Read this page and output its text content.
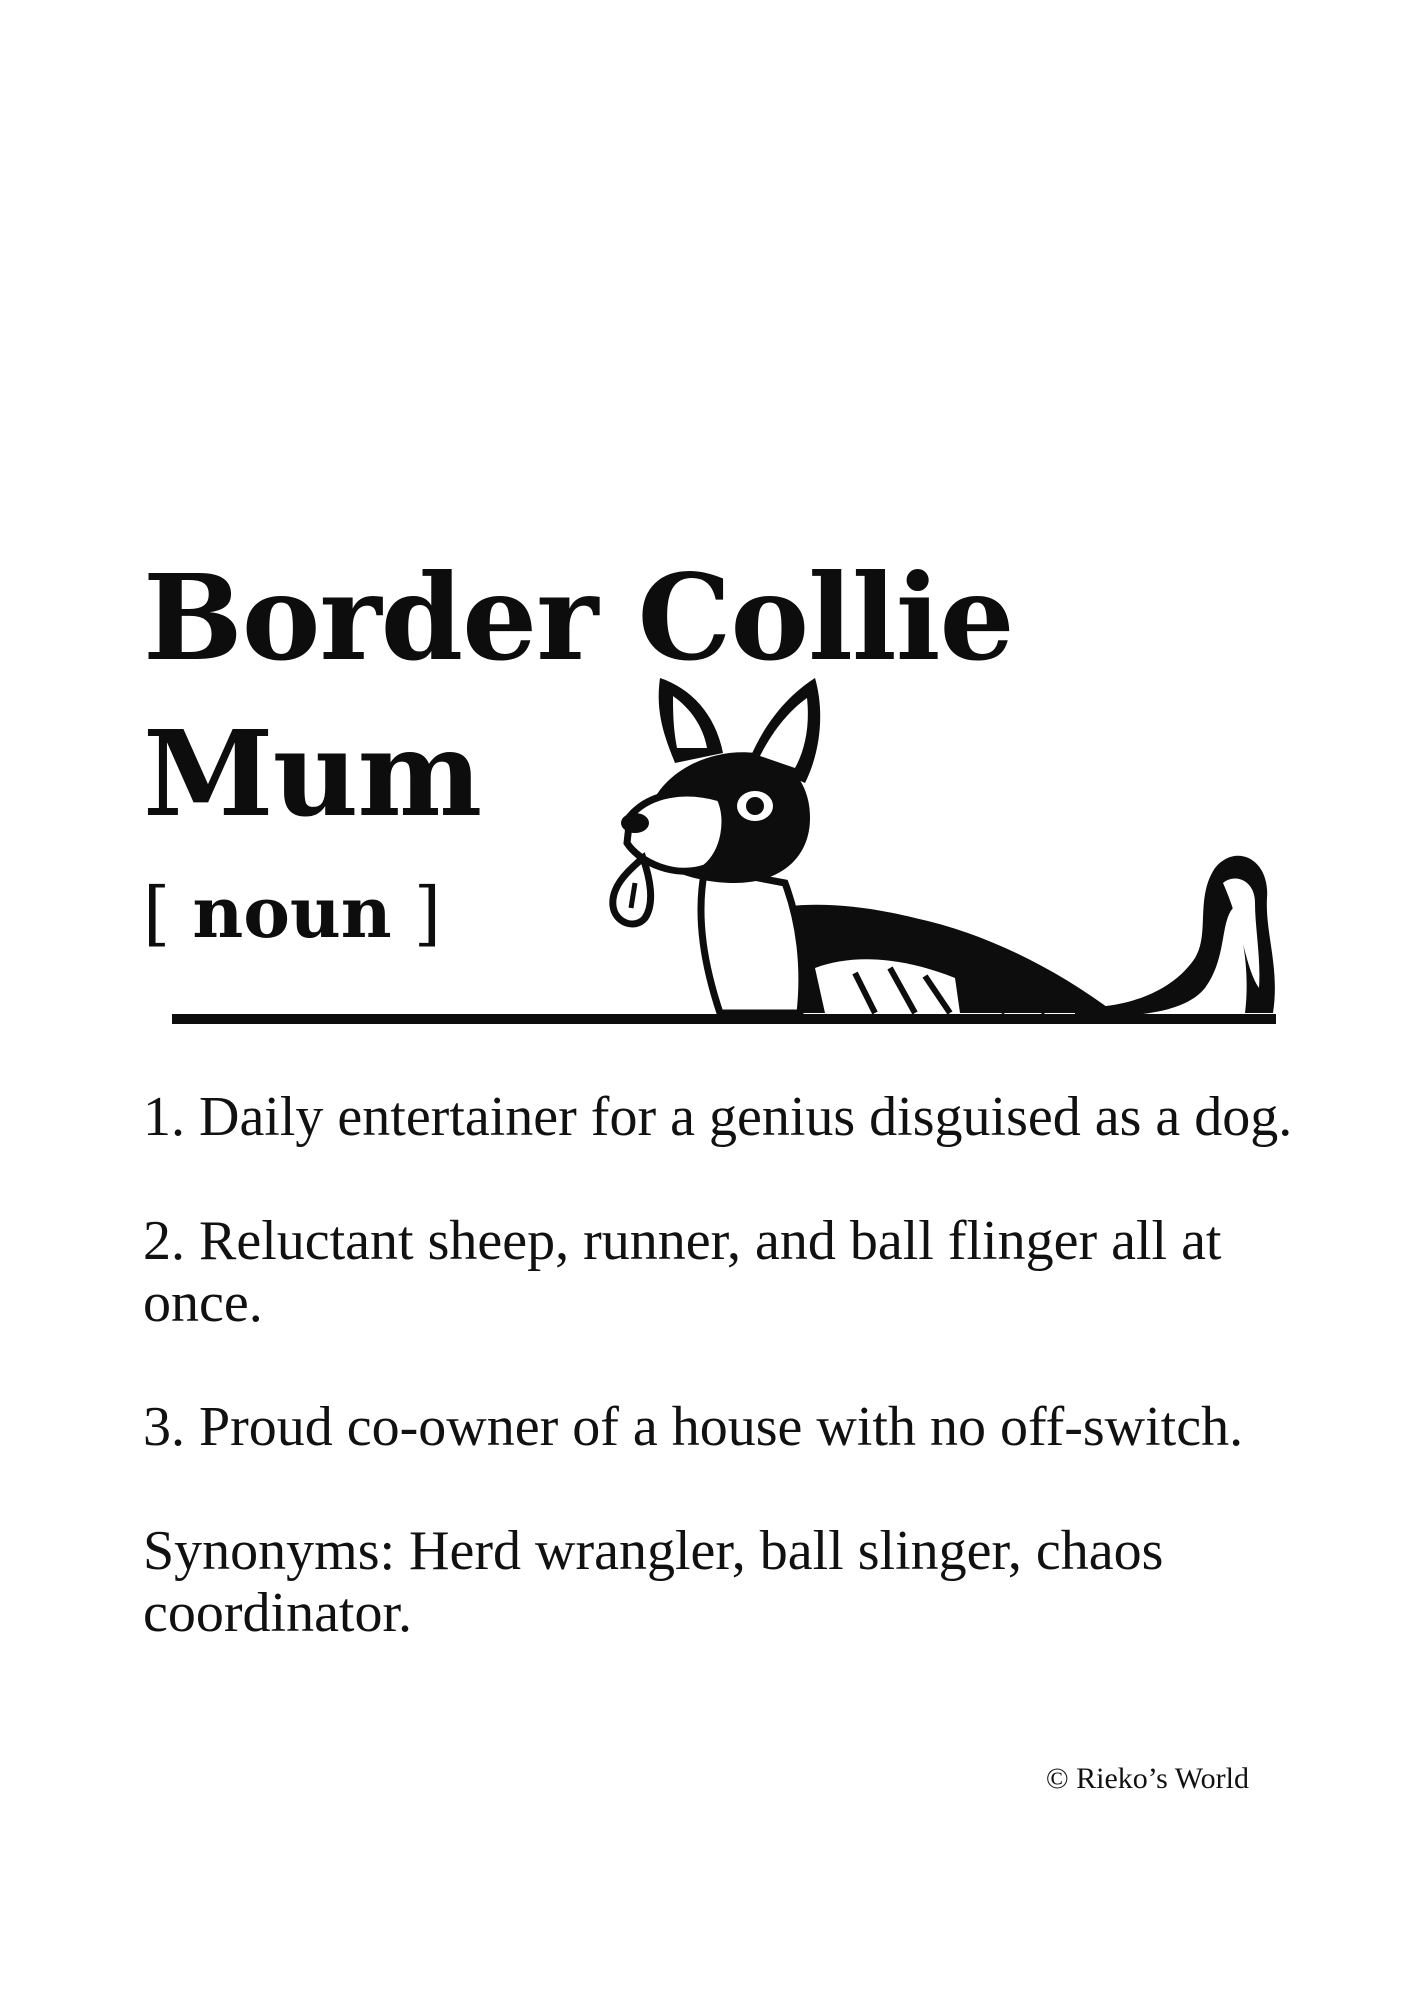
Border Collie
Mum
[ noun ]

1. Daily entertainer for a genius disguised as a dog.

2. Reluctant sheep, runner, and ball flinger all at once.

3. Proud co-owner of a house with no off-switch.

Synonyms: Herd wrangler, ball slinger, chaos coordinator.

© Rieko’s World
